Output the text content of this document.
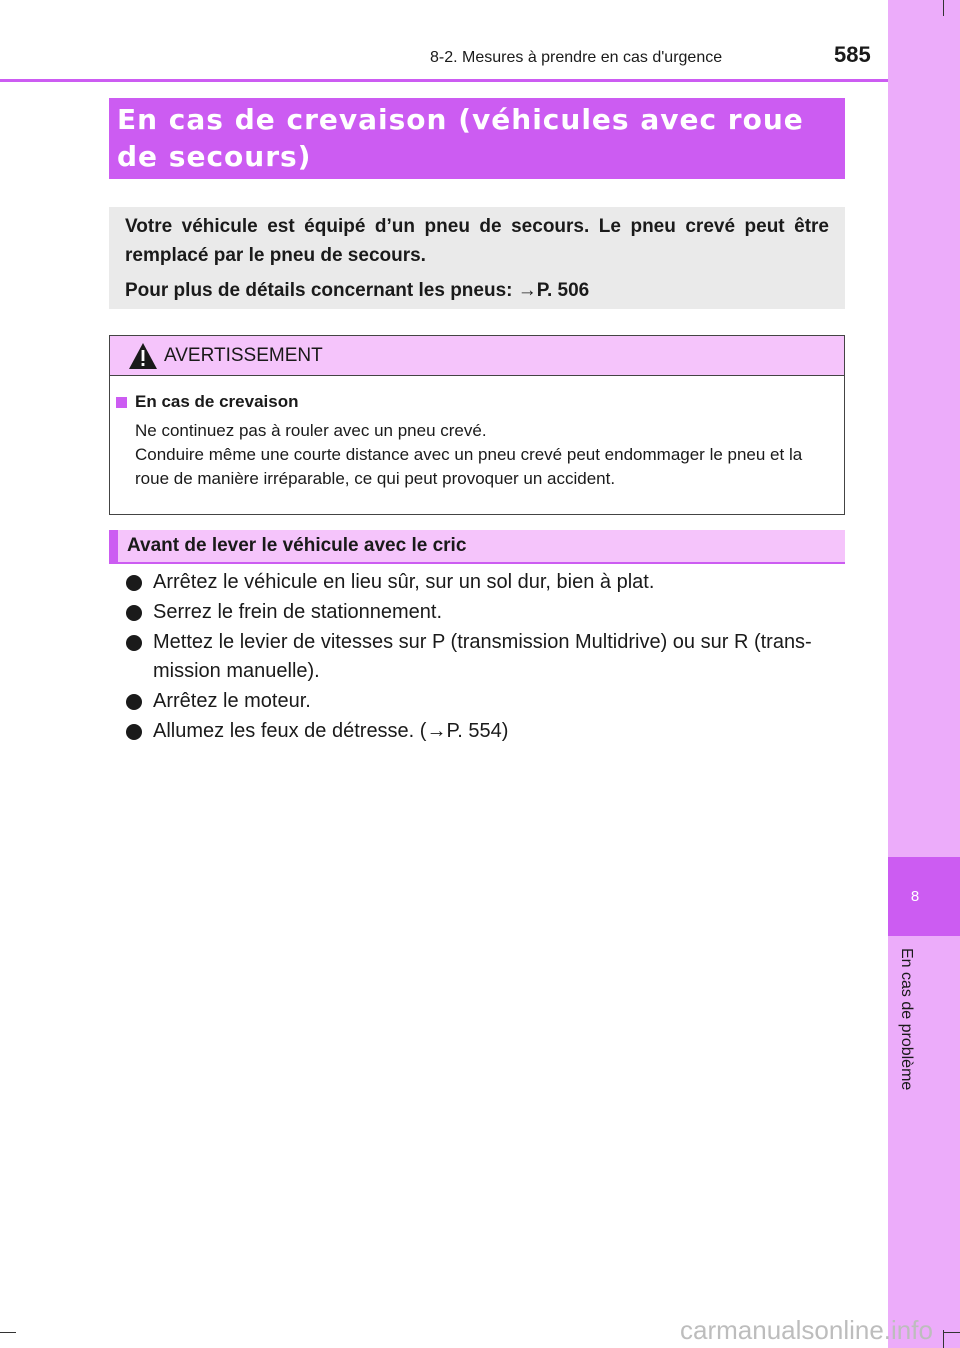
8
En cas de problème
8-2. Mesures à prendre en cas d'urgence	585
En cas de crevaison (véhicules avec roue de secours)

Votre véhicule est équipé d’un pneu de secours. Le pneu crevé peut être remplacé par le pneu de secours.

Pour plus de détails concernant les pneus: →P. 506

AVERTISSEMENT
En cas de crevaison
Ne continuez pas à rouler avec un pneu crevé.
Conduire même une courte distance avec un pneu crevé peut endommager le pneu et la roue de manière irréparable, ce qui peut provoquer un accident.
Avant de lever le véhicule avec le cric
Arrêtez le véhicule en lieu sûr, sur un sol dur, bien à plat.
Serrez le frein de stationnement.
Mettez le levier de vitesses sur P (transmission Multidrive) ou sur R (trans-mission manuelle).
Arrêtez le moteur.
Allumez les feux de détresse. (→P. 554)
carmanualsonline.info
